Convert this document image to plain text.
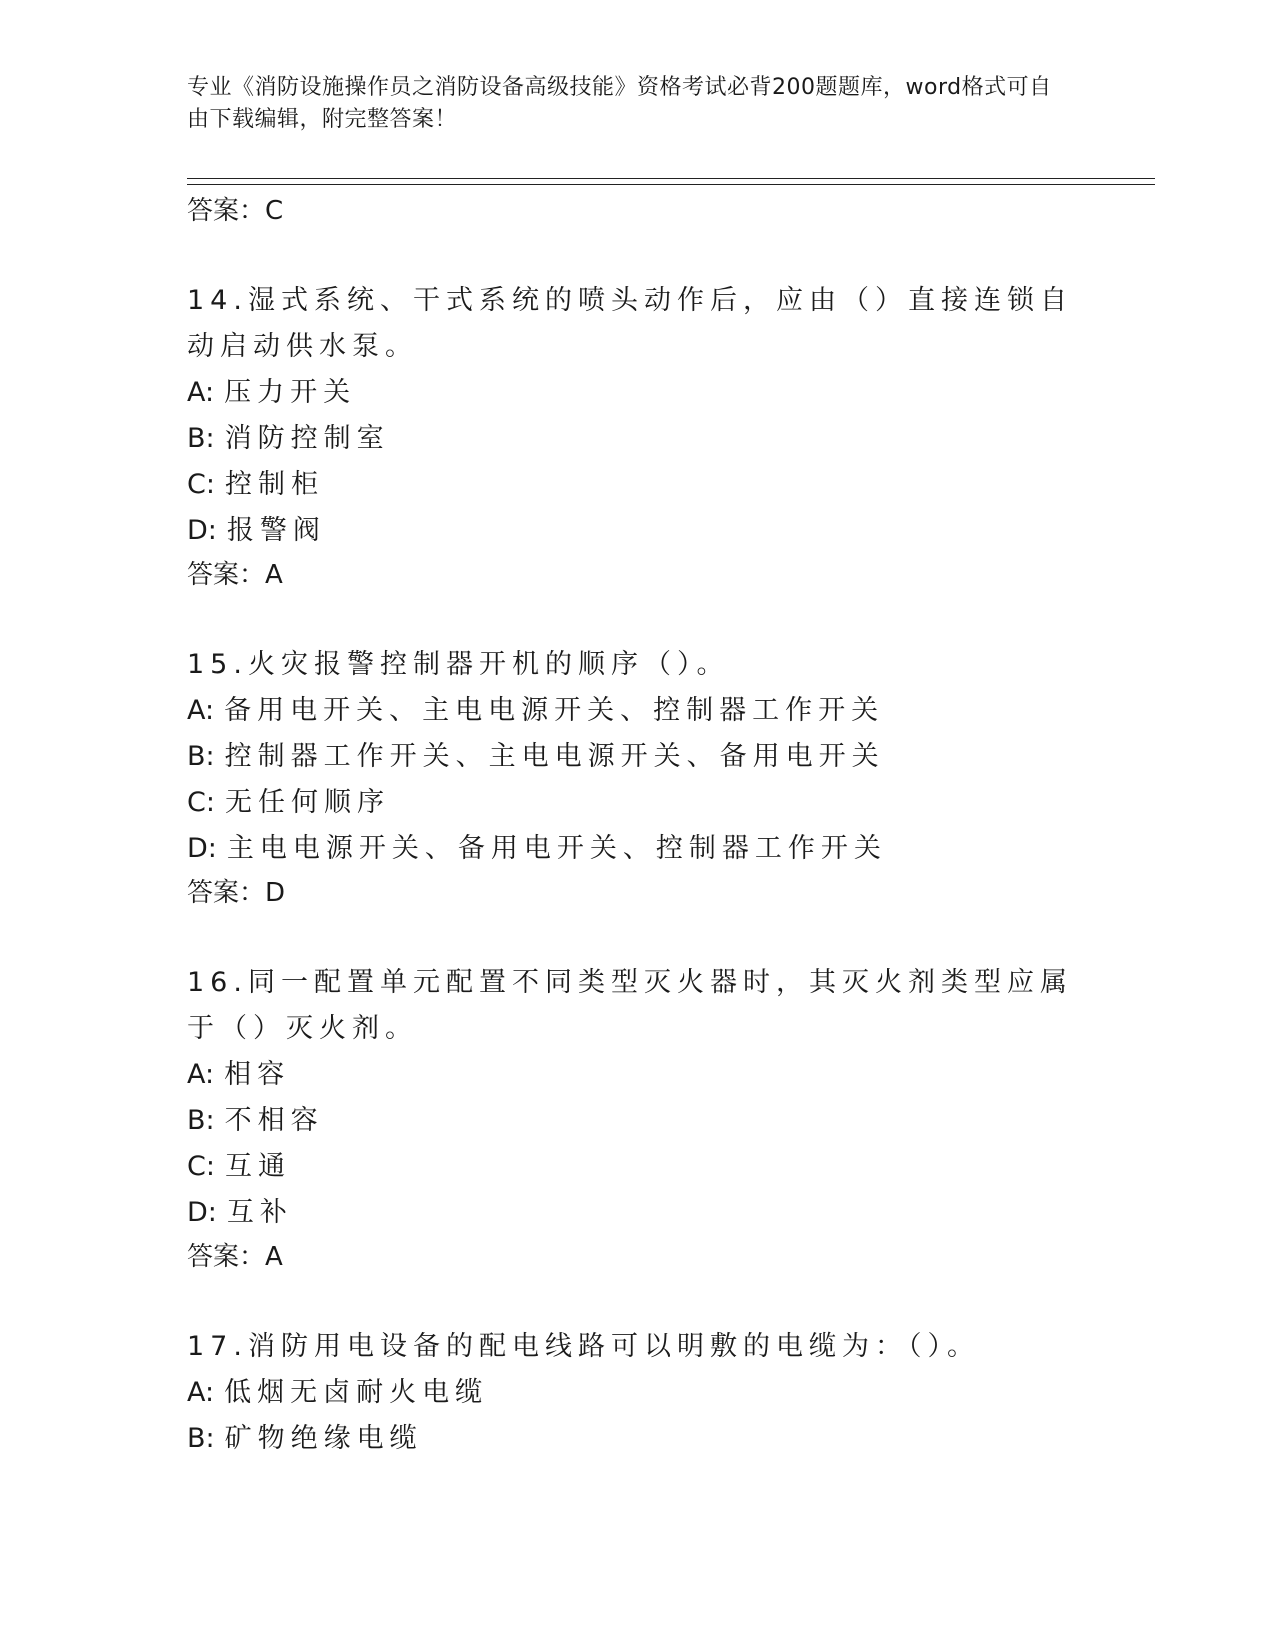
专业《消防设施操作员之消防设备高级技能》资格考试必背200题题库，word格式可自由下载编辑，附完整答案！
答案：C
14.湿式系统、干式系统的喷头动作后，应由（）直接连锁自动启动供水泵。
A: 压力开关
B: 消防控制室
C: 控制柜
D: 报警阀
答案：A
15.火灾报警控制器开机的顺序（）。
A: 备用电开关、主电电源开关、控制器工作开关
B: 控制器工作开关、主电电源开关、备用电开关
C: 无任何顺序
D: 主电电源开关、备用电开关、控制器工作开关
答案：D
16.同一配置单元配置不同类型灭火器时，其灭火剂类型应属于（）灭火剂。
A: 相容
B: 不相容
C: 互通
D: 互补
答案：A
17.消防用电设备的配电线路可以明敷的电缆为：（）。
A: 低烟无卤耐火电缆
B: 矿物绝缘电缆
